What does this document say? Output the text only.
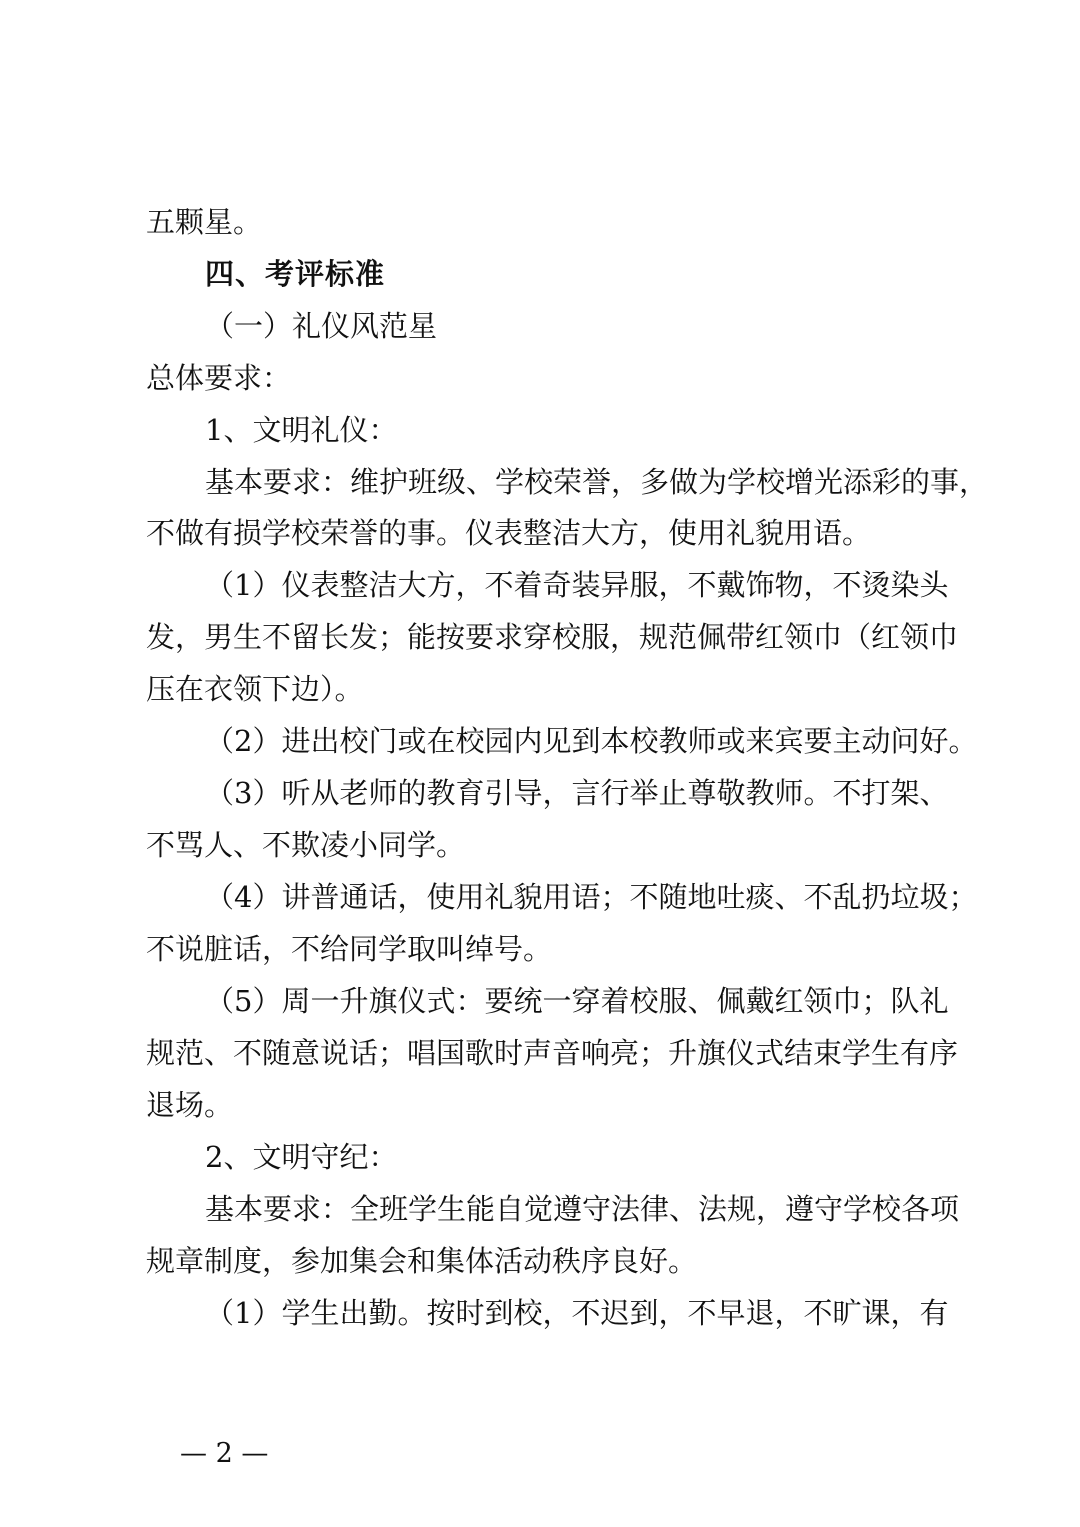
五颗星。
四、考评标准
（一）礼仪风范星
总体要求：
1、文明礼仪：
基本要求：维护班级、学校荣誉，多做为学校增光添彩的事，
不做有损学校荣誉的事。仪表整洁大方，使用礼貌用语。
（1）仪表整洁大方，不着奇装异服，不戴饰物，不烫染头
发，男生不留长发；能按要求穿校服，规范佩带红领巾（红领巾
压在衣领下边）。
（2）进出校门或在校园内见到本校教师或来宾要主动问好。
（3）听从老师的教育引导，言行举止尊敬教师。不打架、
不骂人、不欺凌小同学。
（4）讲普通话，使用礼貌用语；不随地吐痰、不乱扔垃圾；
不说脏话，不给同学取叫绰号。
（5）周一升旗仪式：要统一穿着校服、佩戴红领巾；队礼
规范、不随意说话；唱国歌时声音响亮；升旗仪式结束学生有序
退场。
2、文明守纪：
基本要求：全班学生能自觉遵守法律、法规，遵守学校各项
规章制度，参加集会和集体活动秩序良好。
（1）学生出勤。按时到校，不迟到，不早退，不旷课，有
— 2 —
